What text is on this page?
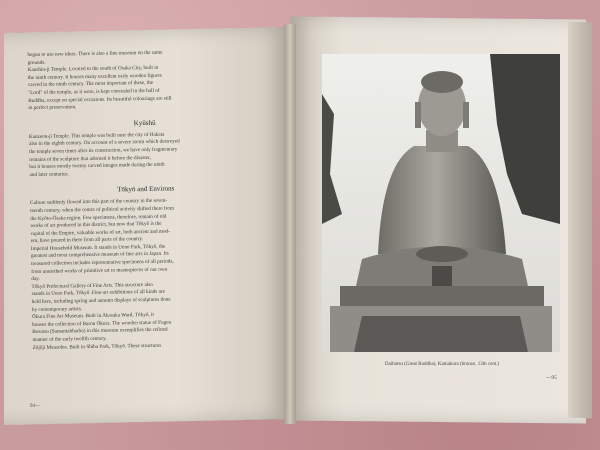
begun to use new ideas. There is also a fine museum on the same
grounds.
Kanshin-ji Temple. Located to the south of Osaka City, built in
the ninth century. It houses many excellent early wooden figures
carved in the ninth century. The most important of these, the
"Lord" of the temple, as it were, is kept concealed in the hall of
Buddha, except on special occasions. Its beautiful colourings are still
in perfect preservation.
Kyūshū
Kanzeon-ji Temple. This temple was built near the city of Hakata
also in the eighth century. On account of a severe storm which destroyed
the temple seven times after its construction, we have only fragmentary
remains of the sculpture that adorned it before the disaster,
but it houses mostly twenty carved images made during the ninth
and later centuries.
Tōkyō and Environs
Culture suddenly flowed into this part of the country in the seven-
teenth century, when the centre of political activity shifted there from
the Kyōto-Ōsaka region. Few specimens, therefore, remain of old
works of art produced in this district, but now that Tōkyō is the
capital of the Empire, valuable works of art, both ancient and mod-
ern, have poured in there from all parts of the country.
Imperial Household Museum. It stands in Ueno Park, Tōkyō, the
greatest and most comprehensive museum of fine arts in Japan. Its
treasured collection includes representative specimens of all periods,
from unearthed works of primitive art to masterpieces of our own
day.
Tōkyō Prefectural Gallery of Fine Arts. This structure also
stands in Ueno Park, Tōkyō. Fine-art exhibitions of all kinds are
held here, including spring and autumn displays of sculptures done
by contemporary artists.
Ōkura Fine Art Museum. Built in Akasaka Ward, Tōkyō, it
houses the collection of Baron Ōkura. The wooden statue of Fugen
Bosatsu (Samantabhadra) in this museum exemplifies the refined
manner of the early twelfth century.
Zōjōji Mausolea. Built in Shiba Park, Tōkyō. These structures
94—
Daibutsu (Great Buddha), Kamakura (bronze, 13th cent.)
—95
